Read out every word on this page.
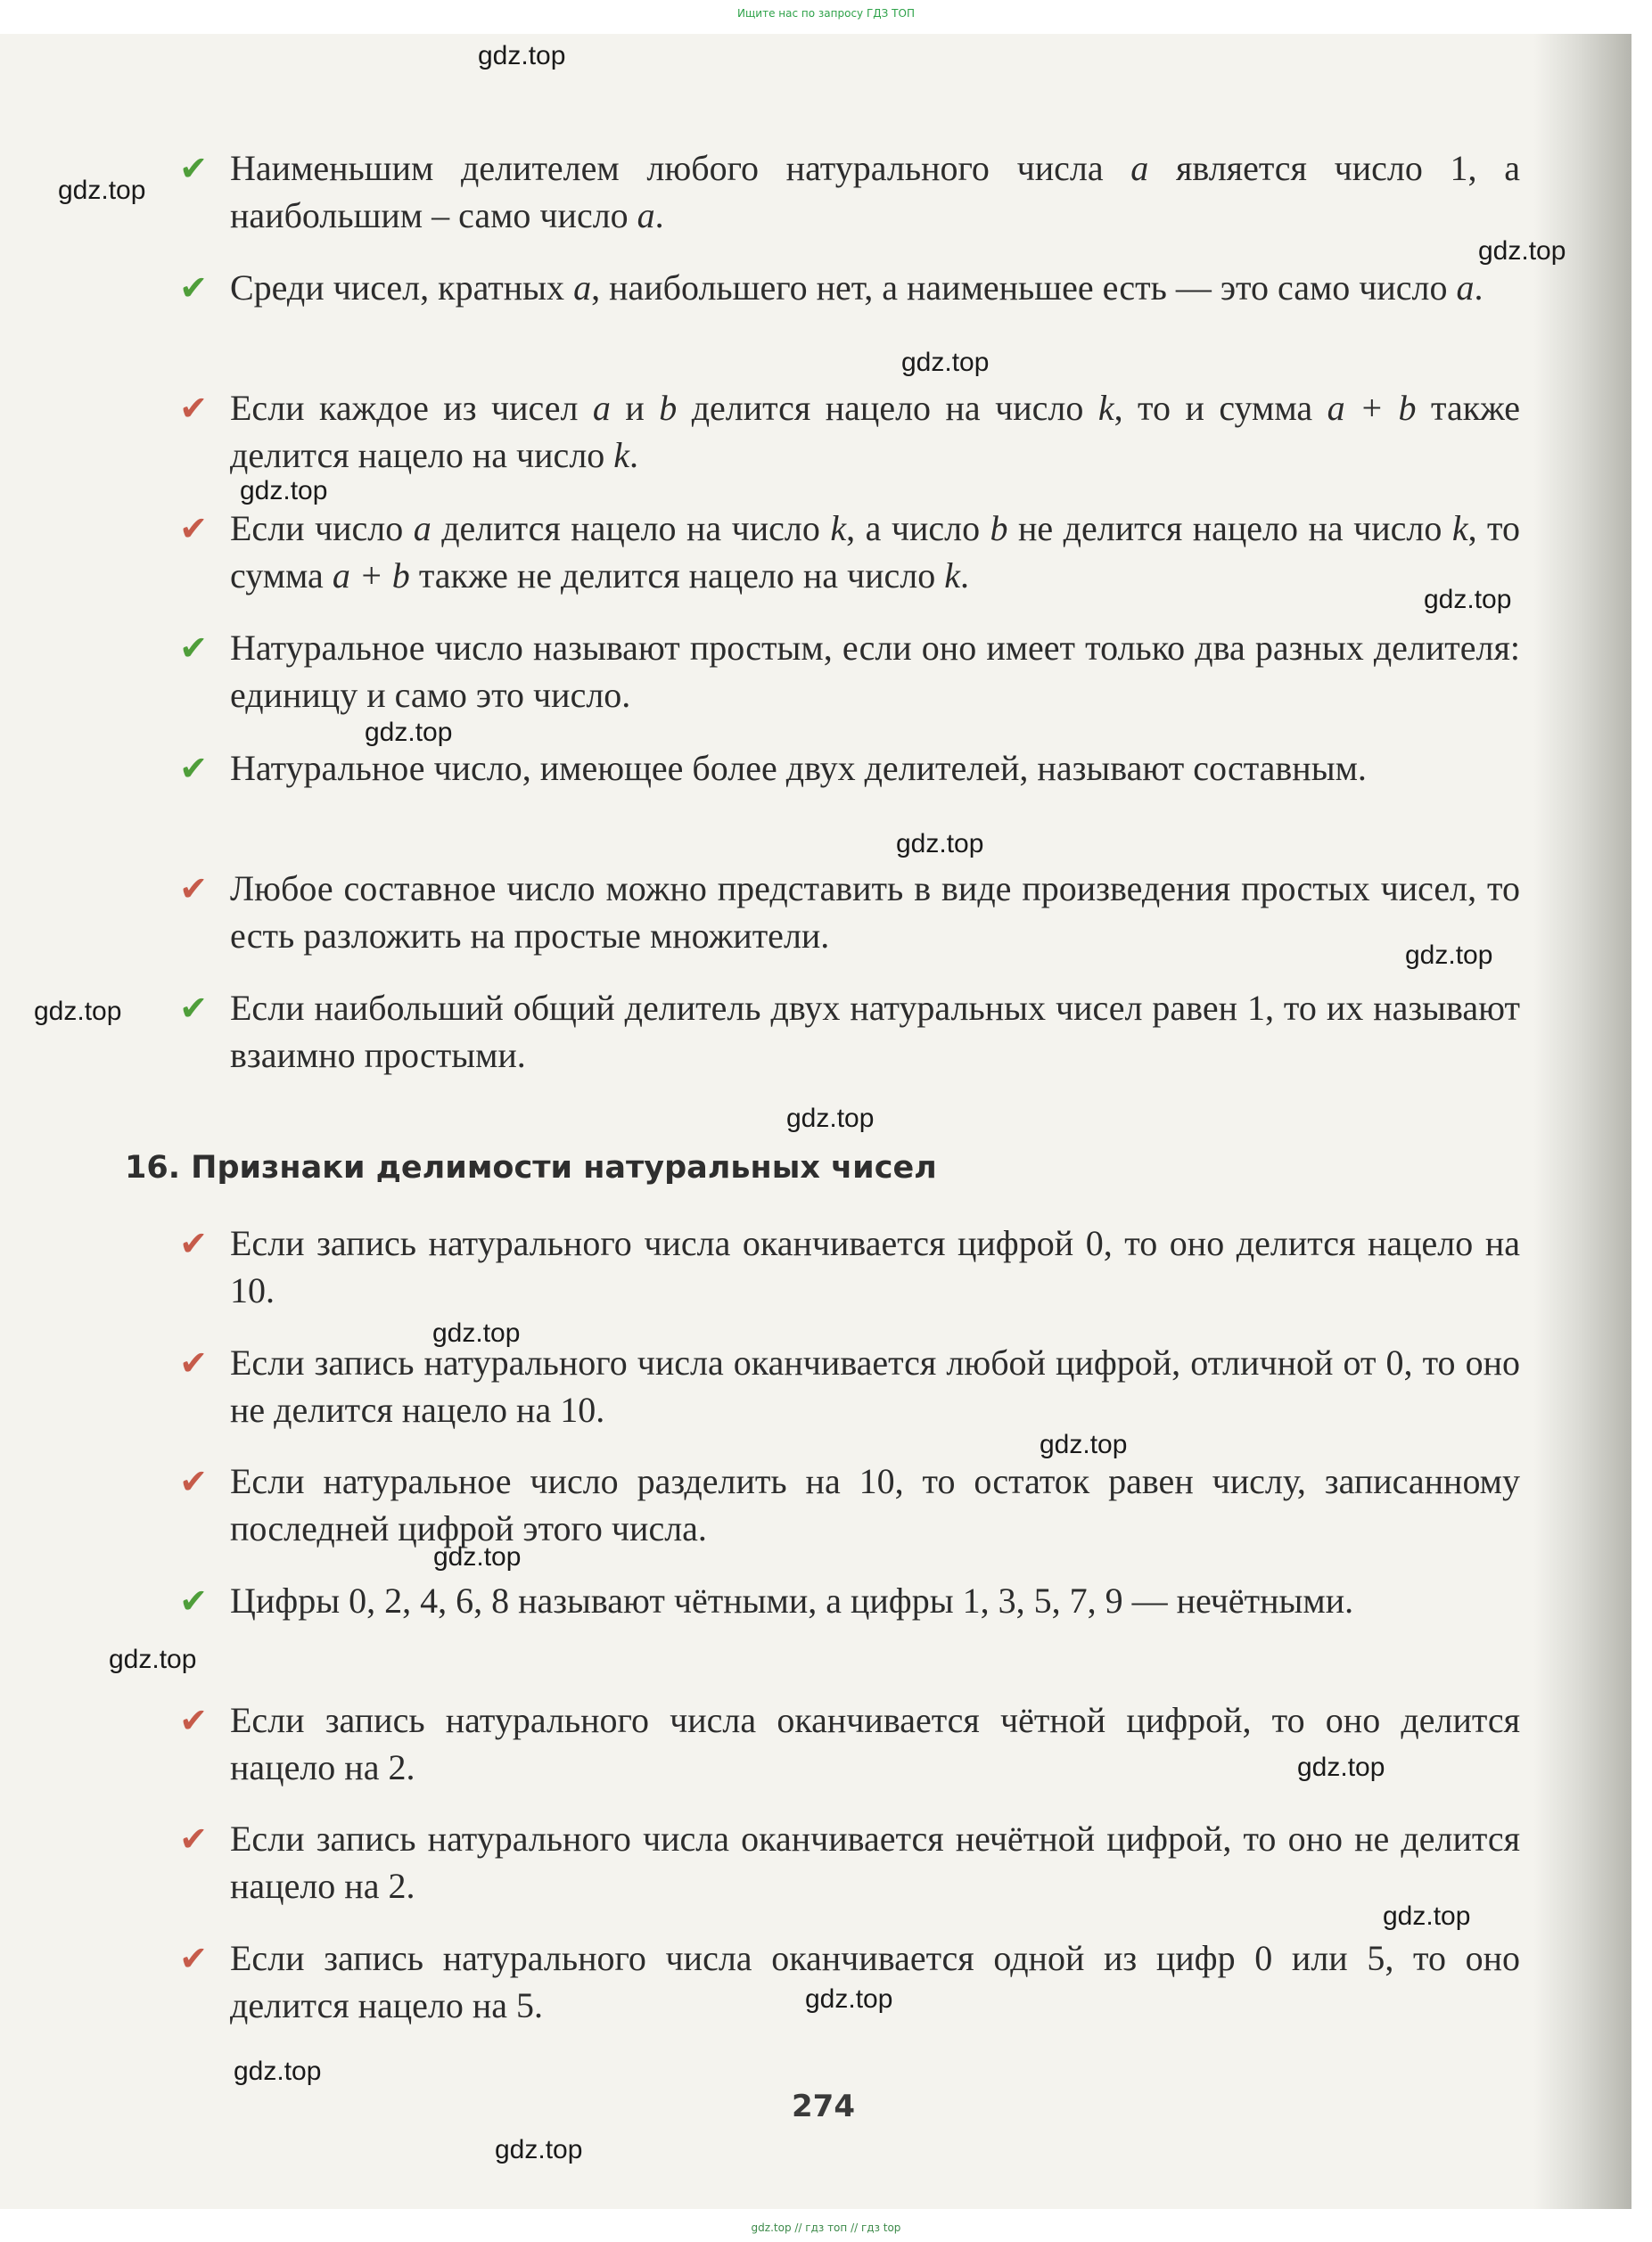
Ищите нас по запросу ГДЗ ТОП
✔ Наименьшим делителем любого натурального числа a является число 1, а наибольшим – само число a.
✔ Среди чисел, кратных a, наибольшего нет, а наименьшее есть — это само число a.
✔ Если каждое из чисел a и b делится нацело на число k, то и сумма a + b также делится нацело на число k.
✔ Если число a делится нацело на число k, а число b не делится нацело на число k, то сумма a + b также не делится нацело на число k.
✔ Натуральное число называют простым, если оно имеет только два разных делителя: единицу и само это число.
✔ Натуральное число, имеющее более двух делителей, называют составным.
✔ Любое составное число можно представить в виде произведения простых чисел, то есть разложить на простые множители.
✔ Если наибольший общий делитель двух натуральных чисел равен 1, то их называют взаимно простыми.
16. Признаки делимости натуральных чисел
✔ Если запись натурального числа оканчивается цифрой 0, то оно делится нацело на 10.
✔ Если запись натурального числа оканчивается любой цифрой, отличной от 0, то оно не делится нацело на 10.
✔ Если натуральное число разделить на 10, то остаток равен числу, записанному последней цифрой этого числа.
✔ Цифры 0, 2, 4, 6, 8 называют чётными, а цифры 1, 3, 5, 7, 9 — нечётными.
✔ Если запись натурального числа оканчивается чётной цифрой, то оно делится нацело на 2.
✔ Если запись натурального числа оканчивается нечётной цифрой, то оно не делится нацело на 2.
✔ Если запись натурального числа оканчивается одной из цифр 0 или 5, то оно делится нацело на 5.
274
gdz.top
gdz.top
gdz.top
gdz.top
gdz.top
gdz.top
gdz.top
gdz.top
gdz.top
gdz.top
gdz.top
gdz.top
gdz.top
gdz.top
gdz.top
gdz.top
gdz.top
gdz.top
gdz.top
gdz.top
gdz.top // гдз топ // гдз top
